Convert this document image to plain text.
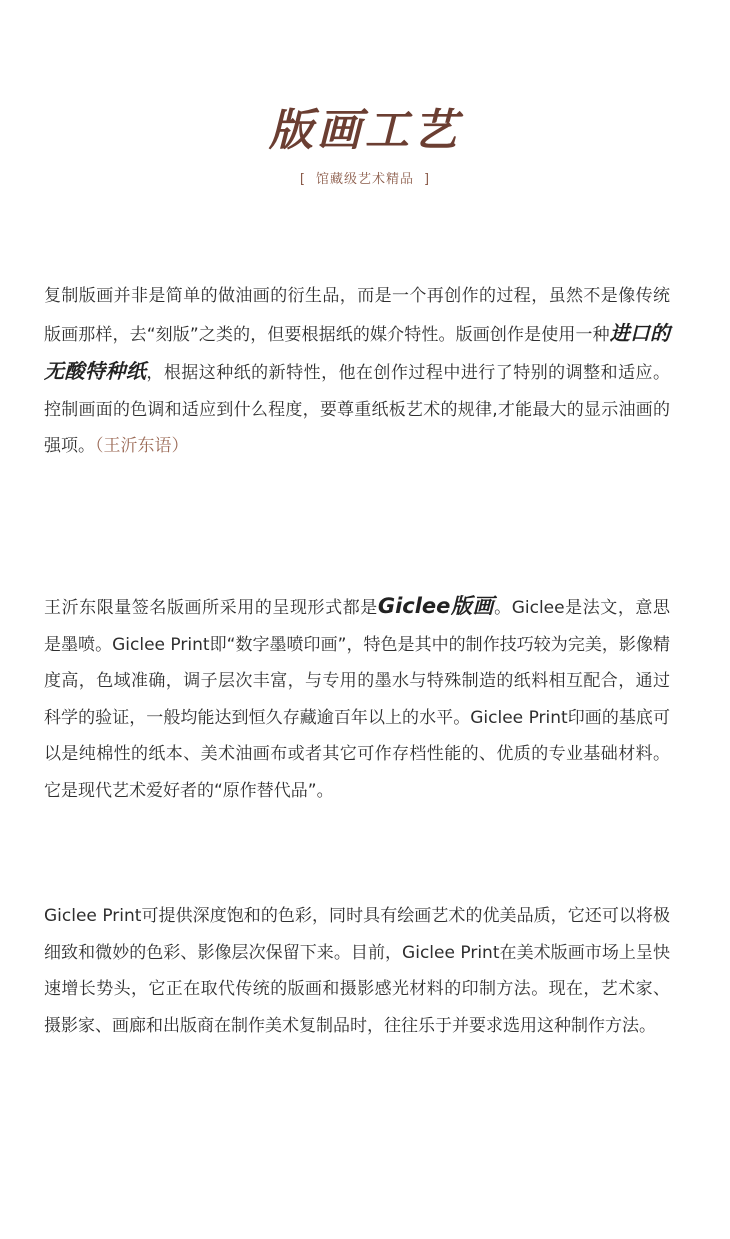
版画工艺
[ 馆藏级艺术精品 ]

复制版画并非是简单的做油画的衍生品，而是一个再创作的过程，虽然不是像传统版画那样，去“刻版”之类的，但要根据纸的媒介特性。版画创作是使用一种进口的无酸特种纸，根据这种纸的新特性，他在创作过程中进行了特别的调整和适应。控制画面的色调和适应到什么程度，要尊重纸板艺术的规律,才能最大的显示油画的强项。（王沂东语）

王沂东限量签名版画所采用的呈现形式都是Giclee版画。Giclee是法文，意思是墨喷。Giclee Print即“数字墨喷印画”，特色是其中的制作技巧较为完美，影像精度高，色域准确，调子层次丰富，与专用的墨水与特殊制造的纸料相互配合，通过科学的验证，一般均能达到恒久存藏逾百年以上的水平。Giclee Print印画的基底可以是纯棉性的纸本、美术油画布或者其它可作存档性能的、优质的专业基础材料。它是现代艺术爱好者的“原作替代品”。

Giclee Print可提供深度饱和的色彩，同时具有绘画艺术的优美品质，它还可以将极细致和微妙的色彩、影像层次保留下来。目前，Giclee Print在美术版画市场上呈快速增长势头，它正在取代传统的版画和摄影感光材料的印制方法。现在，艺术家、摄影家、画廊和出版商在制作美术复制品时，往往乐于并要求选用这种制作方法。
